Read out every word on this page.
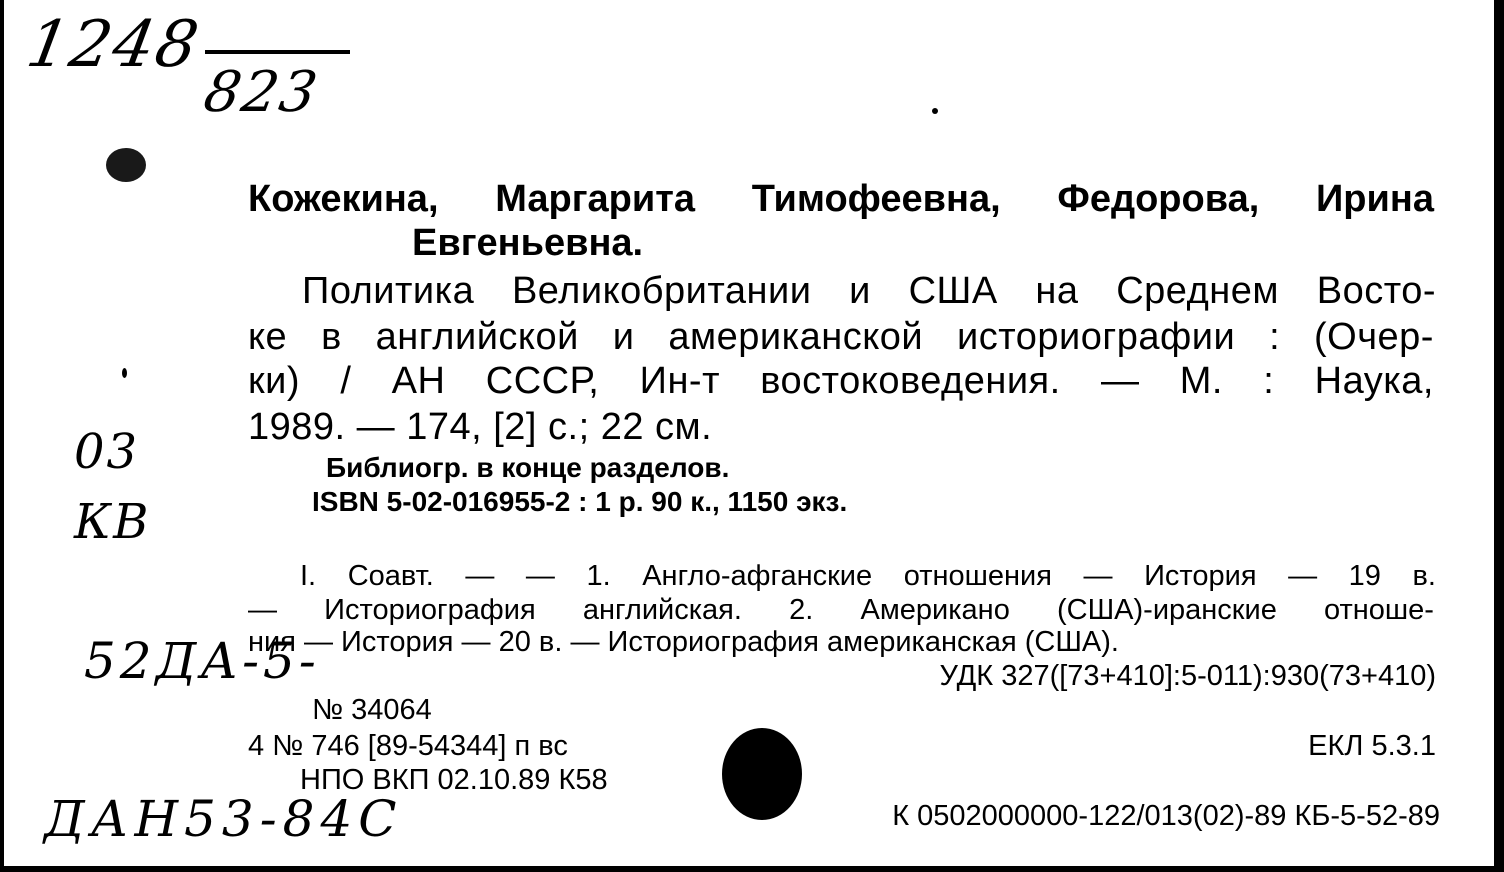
1248
823
03
КВ
52ДА-5-
ДАН53-84С
Кожекина, Маргарита Тимофеевна, Федорова, Ирина
Евгеньевна.
Политика Великобритании и США на Среднем Восто-
ке в английской и американской историографии : (Очер-
ки) / АН СССР, Ин-т востоковедения. — М. : Наука,
1989. — 174, [2] с.; 22 см.
Библиогр. в конце разделов.
ISBN 5-02-016955-2 : 1 р. 90 к., 1150 экз.
I. Соавт. — — 1. Англо-афганские отношения — История — 19 в.
— Историография английская. 2. Американо (США)-иранские отноше-
ния — История — 20 в. — Историография американская (США).
УДК 327([73+410]:5-011):930(73+410)
№ 34064
4 № 746 [89-54344] п вс	ЕКЛ 5.3.1
НПО ВКП 02.10.89 К58
К 0502000000-122/013(02)-89 КБ-5-52-89
